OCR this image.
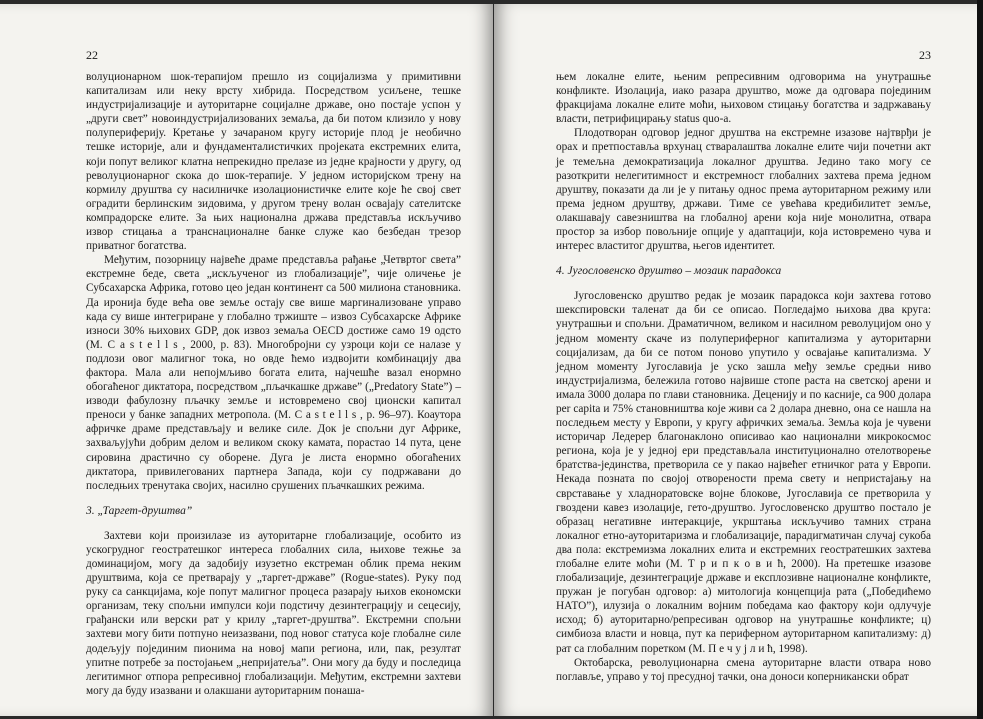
22

волуционарном шок-терапијом прешло из социјализма у примитивни капитализам или неку врсту хибрида. Посредством усиљене, тешке индустријализације и ауторитарне социјалне државе, оно постаје успон у „други свет” новоиндустријализованих земаља, да би потом клизило у нову полупериферију. Кретање у зачараном кругу историје плод је необично тешке историје, али и фундаменталистичких пројеката екстремних елита, који попут великог клатна непрекидно прелазе из једне крајности у другу, од револуционарног скока до шок-терапије. У једном историјском трену на кормилу друштва су насилничке изолационистичке елите које ће свој свет оградити берлинским зидовима, у другом трену волан освајају сателитске компрадорске елите. За њих национална држава представља искључиво извор стицања а транснационалне банке служе као безбедан трезор приватног богатства.

Међутим, позорницу највеће драме представља рађање „Четвртог света” екстремне беде, света „искљученог из глобализације”, чије оличење је Субсахарска Африка, готово цео један континент са 500 милиона становника. Да иронија буде већа ове земље остају све више маргинализоване управо када су више интегриране у глобално тржиште – извоз Субсахарске Африке износи 30% њихових GDP, док извоз земаља OECD достиже само 19 одсто (M. C a s t e l l s , 2000, p. 83). Многобројни су узроци који се налазе у подлози овог малигног тока, но овде ћемо издвојити комбинацију два фактора. Мала али непојмљиво богата елита, најчешће вазал енормно обогаћеног диктатора, посредством „пљачкашке државе” („Predatory State”) – изводи фабулозну пљачку земље и истовремено свој ционски капитал преноси у банке западних метропола. (M. C a s t e l l s , p. 96–97). Коаутора афричке драме представљају и велике силе. Док је спољни дуг Африке, захваљујући добрим делом и великом скоку камата, порастао 14 пута, цене сировина драстично су оборене. Дуга је листа енормно обогаћених диктатора, привилегованих партнера Запада, који су подржавани до последњих тренутака својих, насилно срушених пљачкашких режима.

3. „Таргет-друштва”

Захтеви који произилазе из ауторитарне глобализације, особито из ускогрудног геостратешког интереса глобалних сила, њихове тежње за доминацијом, могу да задобију изузетно екстреман облик према неким друштвима, која се претварају у „таргет-државе” (Rogue-states). Руку под руку са санкцијама, које попут малигног процеса разарају њихов економски организам, теку спољни импулси који подстичу дезинтеграцију и сецесију, грађански или верски рат у крилу „таргет-друштва”. Екстремни спољни захтеви могу бити потпуно неизазвани, под новог статуса које глобалне силе додељују појединим пионима на новој мапи региона, или, пак, резултат упитне потребе за постојањем „непријатеља”. Они могу да буду и последица легитимног отпора репресивној глобализацији. Међутим, екстремни захтеви могу да буду изазвани и олакшани ауторитарним понаша-

23

њем локалне елите, њеним репресивним одговорима на унутрашње конфликте. Изолација, иако разара друштво, може да одговара појединим фракцијама локалне елите моћи, њиховом стицању богатства и задржавању власти, петрифицирању status quo-а.

Плодотворан одговор једног друштва на екстремне изазове најтврђи је орах и претпоставља врхунац стваралаштва локалне елите чији почетни акт је темељна демократизација локалног друштва. Једино тако могу се разоткрити нелегитимност и екстремност глобалних захтева према једном друштву, показати да ли је у питању однос према ауторитарном режиму или према једном друштву, држави. Тиме се увећава кредибилитет земље, олакшавају савезништва на глобалној арени која није монолитна, отвара простор за избор повољније опције у адаптацији, која истовремено чува и интерес властитог друштва, његов идентитет.

4. Југословенско друштво – мозаик парадокса

Југословенско друштво редак је мозаик парадокса који захтева готово шекспировски таленат да би се описао. Погледајмо њихова два круга: унутрашњи и спољни. Драматичном, великом и насилном револуцијом оно у једном моменту скаче из полупериферног капитализма у ауторитарни социјализам, да би се потом поново упутило у освајање капитализма. У једном моменту Југославија је уско зашла међу земље средњи ниво индустријализма, бележила готово највише стопе раста на светској арени и имала 3000 долара по глави становника. Деценију и по касније, са 900 долара per capita и 75% становништва које живи са 2 долара дневно, она се нашла на последњем месту у Европи, у кругу афричких земаља. Земља која је чувени историчар Ледерер благонаклоно описивао као национални микрокосмос региона, која је у једној ери представљала институционално отелотворење братства-јединства, претворила се у пакао највећег етничког рата у Европи. Некада позната по својој отворености према свету и непристајању на сврставање у хладноратовске војне блокове, Југославија се претворила у гвоздени кавез изолације, гето-друштво. Југословенско друштво постало је образац негативне интеракције, укрштања искључиво тамних страна локалног етно-ауторитаризма и глобализације, парадигматичан случај сукоба два пола: екстремизма локалних елита и екстремних геостратешких захтева глобалне елите моћи (M. Т р и п к о в и ћ, 2000). На претешке изазове глобализације, дезинтеграције државе и експлозивне националне конфликте, пружан је погубан одговор: а) митологија концепција рата („Победићемо НАТО”), илузија о локалним војним победама као фактору који одлучује исход; б) ауторитарно/репресиван одговор на унутрашње конфликте; ц) симбиоза власти и новца, пут ка периферном ауторитарном капитализму: д) рат са глобалним поретком (M. П е ч у ј л и ћ, 1998).

Октобарска, револуционарна смена ауторитарне власти отвара ново поглавље, управо у тој пресудној тачки, она доноси коперникански обрат
